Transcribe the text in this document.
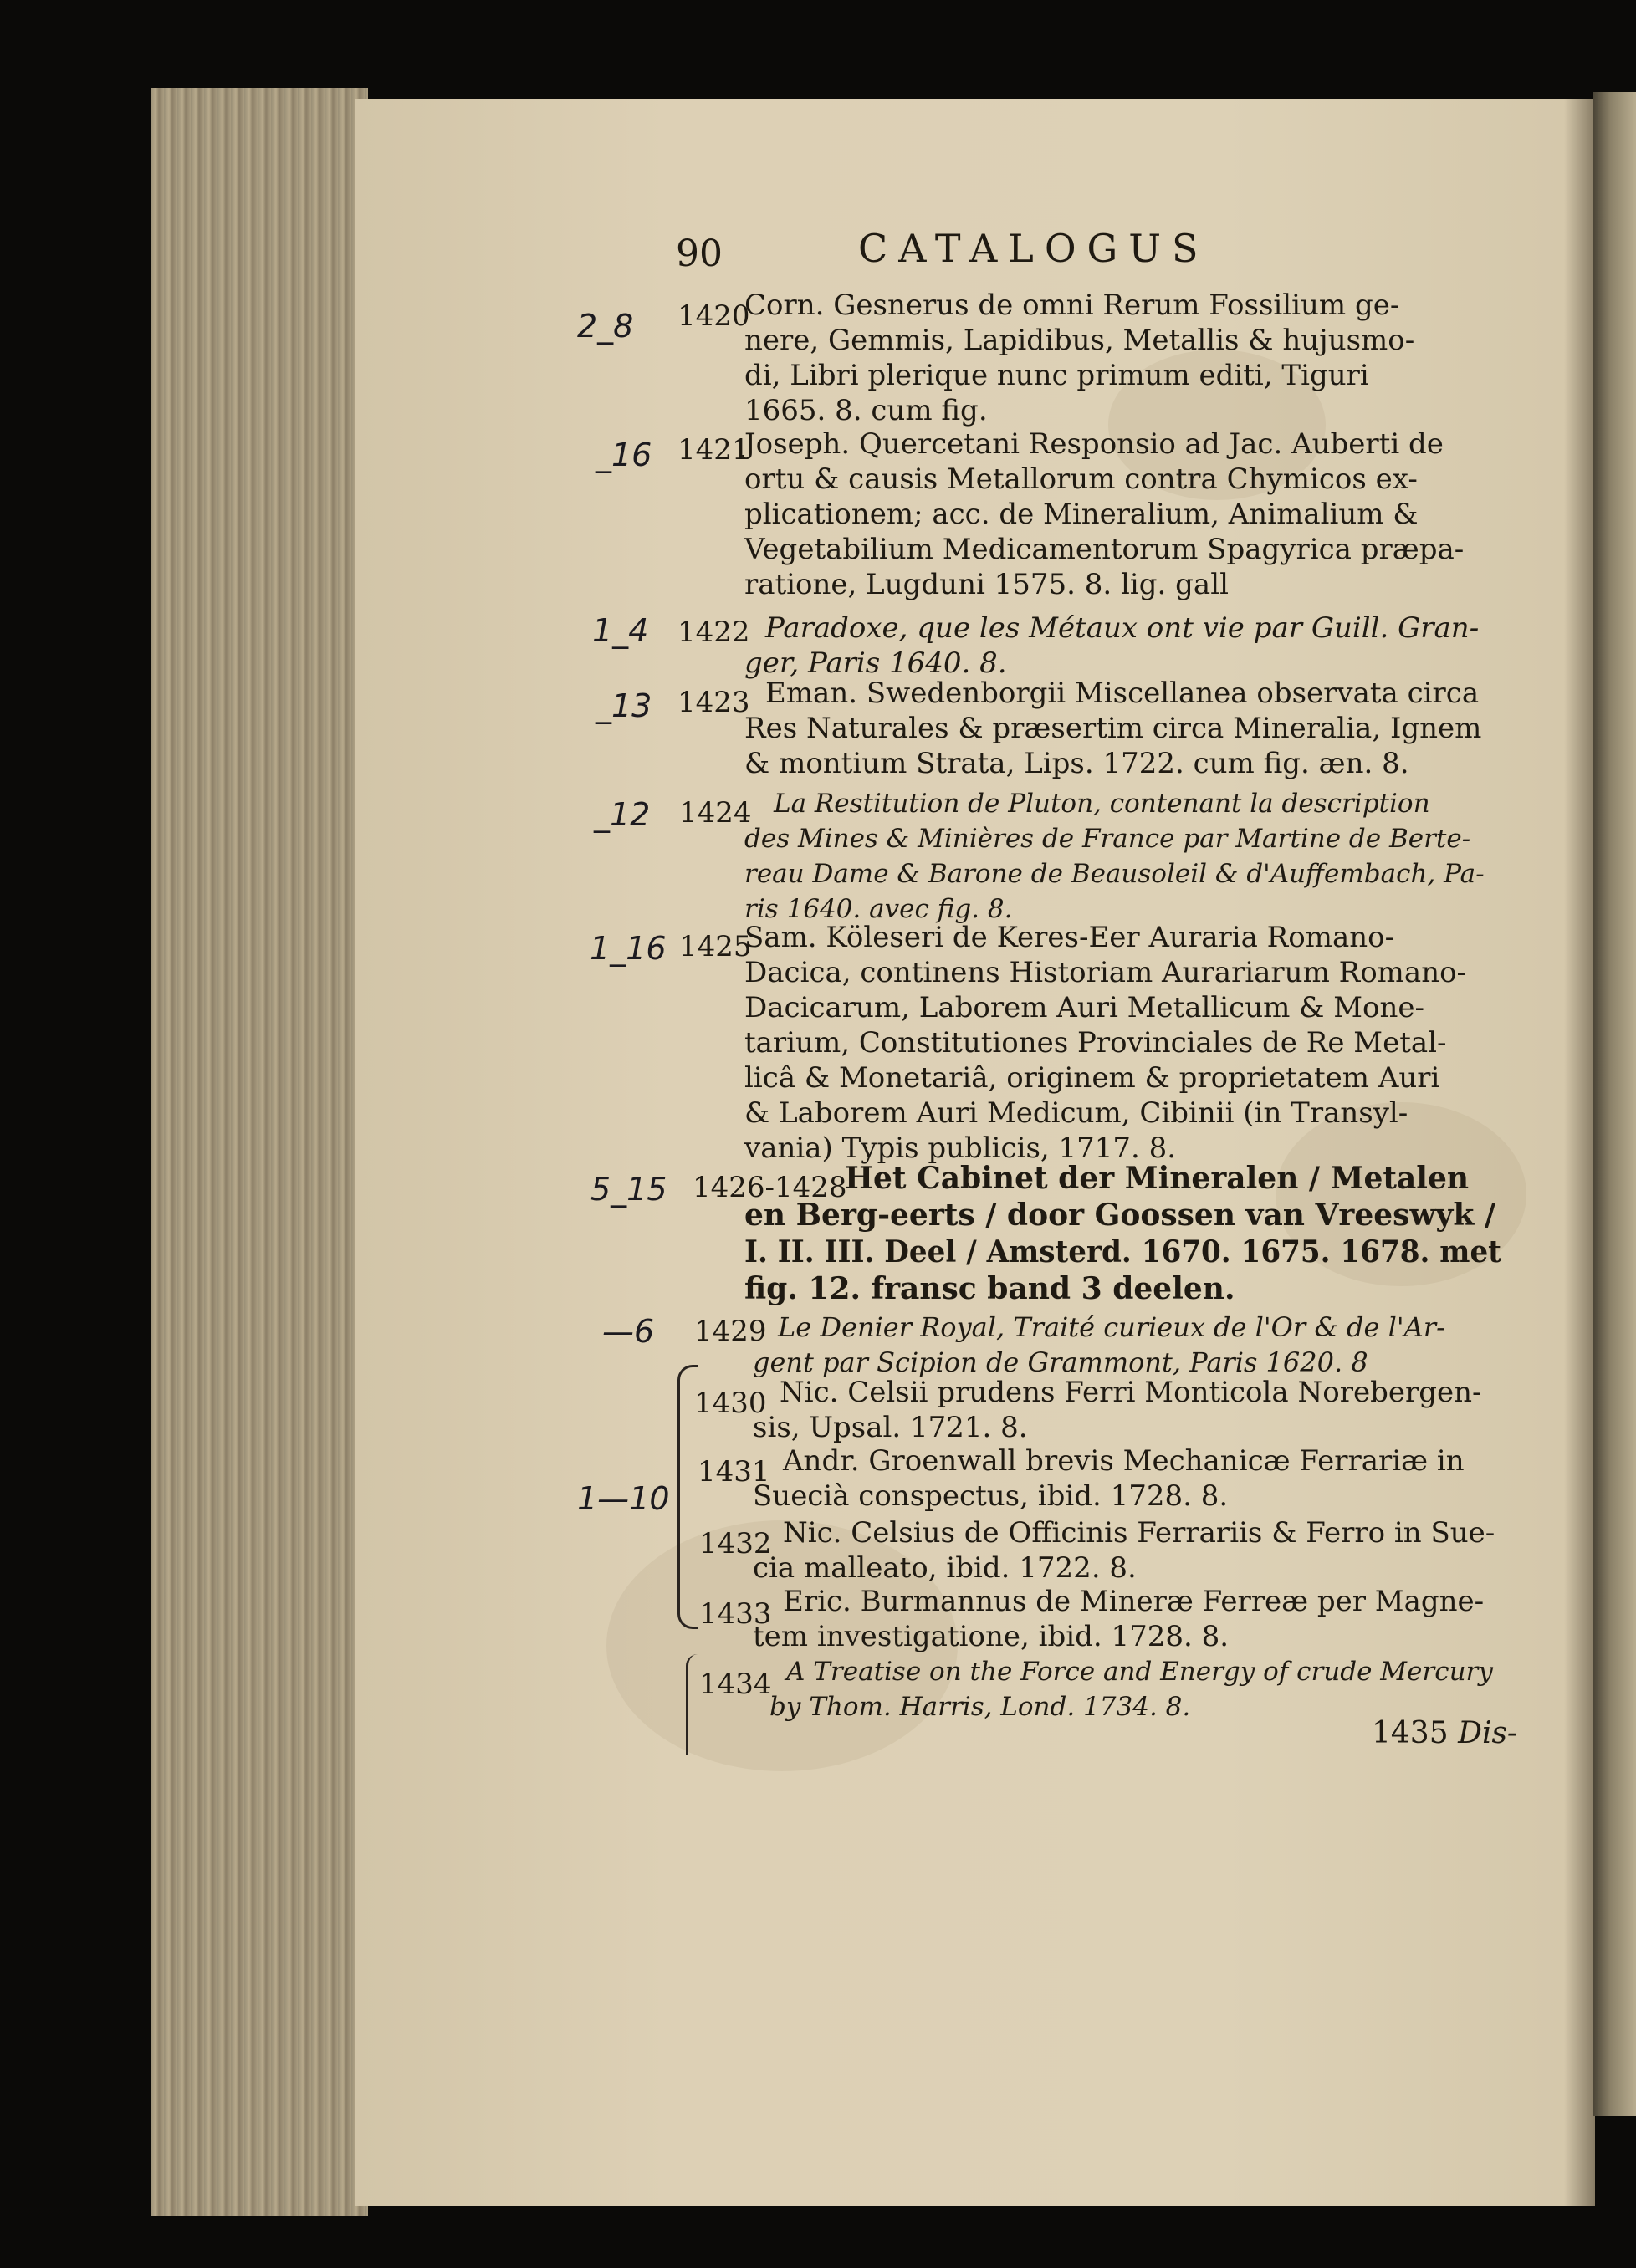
90	CATALOGUS
2_8 1420
Corn. Gesnerus de omni Rerum Fossilium ge-
nere, Gemmis, Lapidibus, Metallis & hujusmo-
di, Libri plerique nunc primum editi, Tiguri
1665. 8. cum fig.
_16 1421
Joseph. Quercetani Responsio ad Jac. Auberti de
ortu & causis Metallorum contra Chymicos ex-
plicationem; acc. de Mineralium, Animalium &
Vegetabilium Medicamentorum Spagyrica præpa-
ratione, Lugduni 1575. 8. lig. gall
1_4 1422 Paradoxe, que les Métaux ont vie par Guill. Gran-
ger, Paris 1640. 8.
_13 1423 Eman. Swedenborgii Miscellanea observata circa
Res Naturales & præsertim circa Mineralia, Ignem
& montium Strata, Lips. 1722. cum fig. æn. 8.
_12 1424 La Restitution de Pluton, contenant la description
des Mines & Minières de France par Martine de Berte-
reau Dame & Barone de Beausoleil & d'Auffembach, Pa-
ris 1640. avec fig. 8.
1_16 1425
Sam. Köleseri de Keres-Eer Auraria Romano-
Dacica, continens Historiam Aurariarum Romano-
Dacicarum, Laborem Auri Metallicum & Mone-
tarium, Constitutiones Provinciales de Re Metal-
licâ & Monetariâ, originem & proprietatem Auri
& Laborem Auri Medicum, Cibinii (in Transyl-
vania) Typis publicis, 1717. 8.
5_15 1426-1428
Het Cabinet der Mineralen / Metalen
en Berg-eerts / door Goossen van Vreeswyk /
I. II. III. Deel / Amsterd. 1670. 1675. 1678. met
fig. 12. fransc band 3 deelen.
—6 1429 Le Denier Royal, Traité curieux de l'Or & de l'Ar-
gent par Scipion de Grammont, Paris 1620. 8
1430 Nic. Celsii prudens Ferri Monticola Norebergen-
sis, Upsal. 1721. 8.
1431 Andr. Groenwall brevis Mechanicæ Ferrariæ in
Suecià conspectus, ibid. 1728. 8.
1432 Nic. Celsius de Officinis Ferrariis & Ferro in Sue-
cia malleato, ibid. 1722. 8.
1433 Eric. Burmannus de Mineræ Ferreæ per Magne-
tem investigatione, ibid. 1728. 8.
1434 A Treatise on the Force and Energy of crude Mercury
by Thom. Harris, Lond. 1734. 8.
1—10
1435 Dis-
